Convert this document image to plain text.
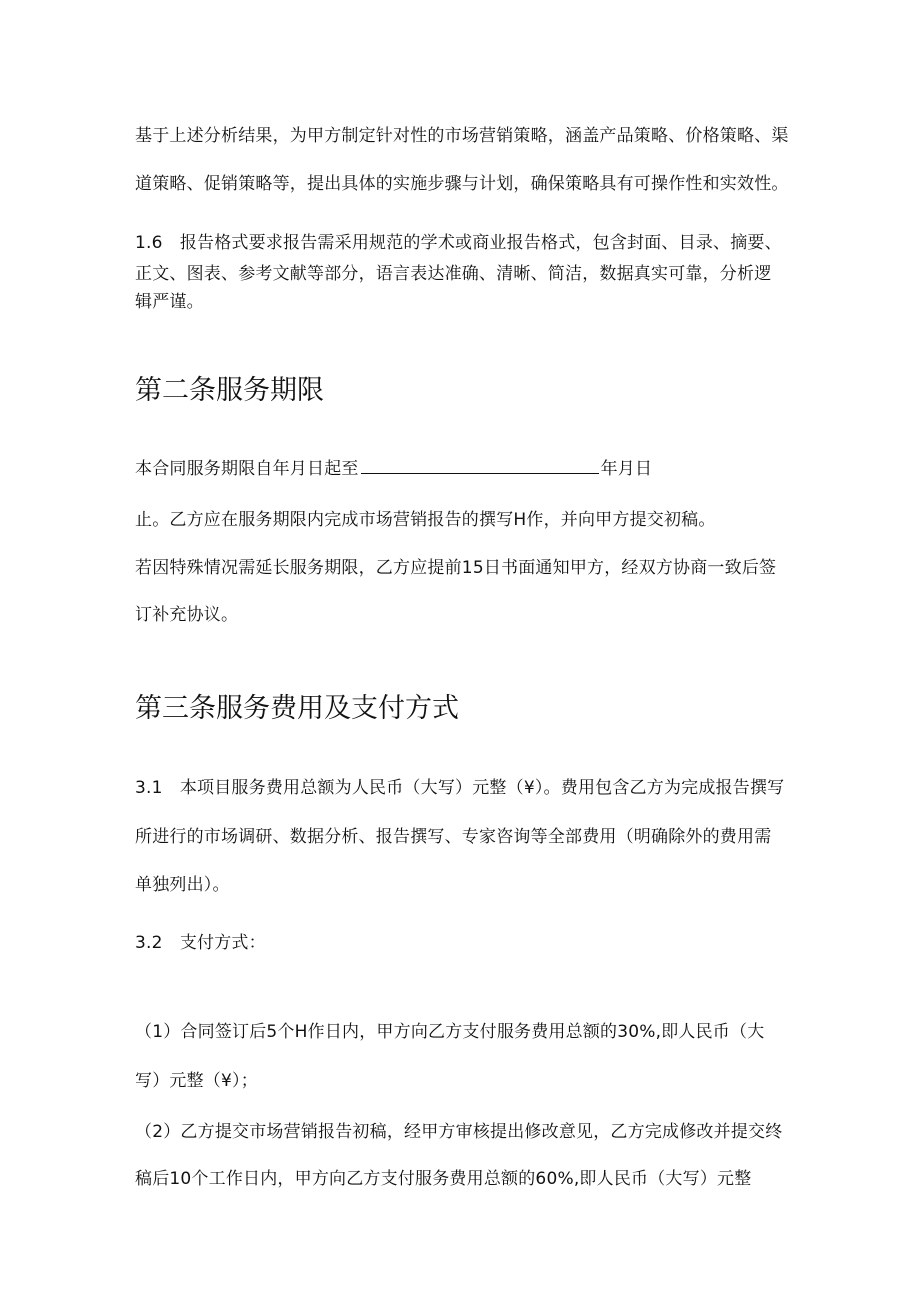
基于上述分析结果，为甲方制定针对性的市场营销策略，涵盖产品策略、价格策略、渠

道策略、促销策略等，提出具体的实施步骤与计划，确保策略具有可操作性和实效性。

1.6　报告格式要求报告需采用规范的学术或商业报告格式，包含封面、目录、摘要、

正文、图表、参考文献等部分，语言表达准确、清晰、简洁，数据真实可靠，分析逻

辑严谨。

第二条服务期限

本合同服务期限自年月日起至	年月日

止。乙方应在服务期限内完成市场营销报告的撰写H作，并向甲方提交初稿。

若因特殊情况需延长服务期限，乙方应提前15日书面通知甲方，经双方协商一致后签

订补充协议。

第三条服务费用及支付方式

3.1　本项目服务费用总额为人民币（大写）元整（¥）。费用包含乙方为完成报告撰写

所进行的市场调研、数据分析、报告撰写、专家咨询等全部费用（明确除外的费用需

单独列出）。

3.2　支付方式：

（1）合同签订后5个H作日内，甲方向乙方支付服务费用总额的30%,即人民币（大

写）元整（¥）；

（2）乙方提交市场营销报告初稿，经甲方审核提出修改意见，乙方完成修改并提交终

稿后10个工作日内，甲方向乙方支付服务费用总额的60%,即人民币（大写）元整
